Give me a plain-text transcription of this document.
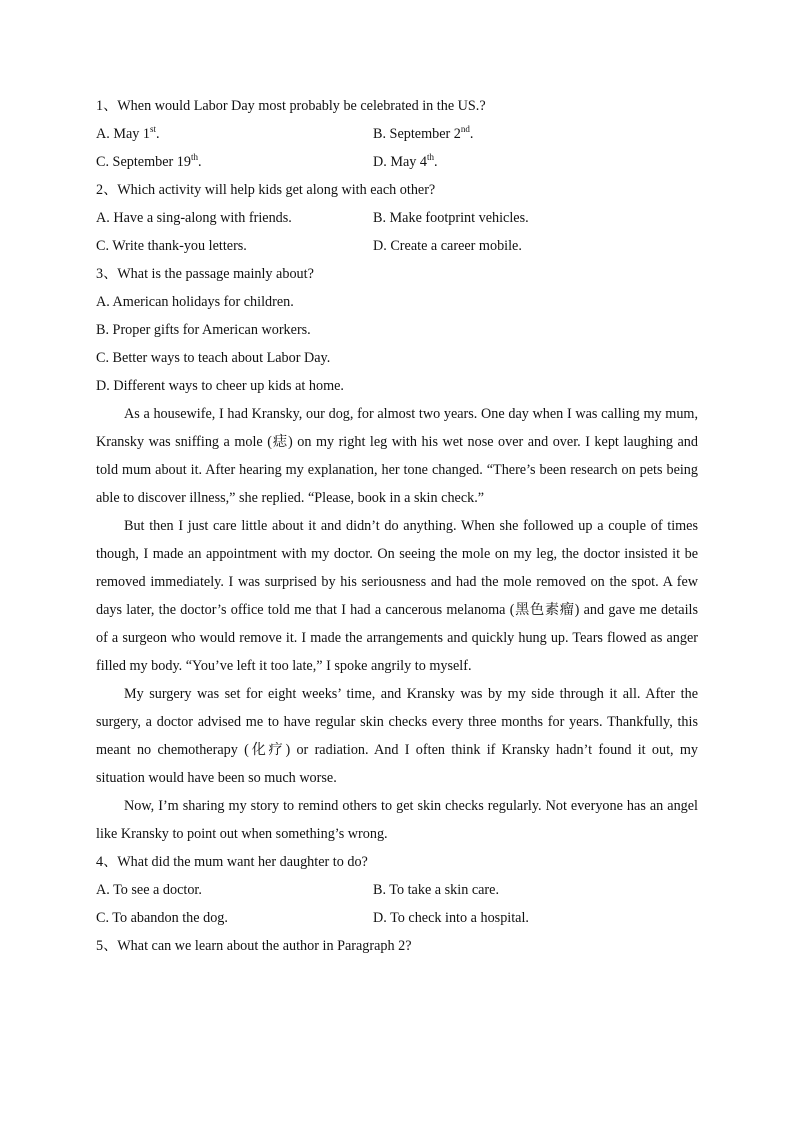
1、When would Labor Day most probably be celebrated in the US.?
A. May 1st.	B. September 2nd.
C. September 19th.	D. May 4th.
2、Which activity will help kids get along with each other?
A. Have a sing-along with friends.	B. Make footprint vehicles.
C. Write thank-you letters.	D. Create a career mobile.
3、What is the passage mainly about?
A. American holidays for children.
B. Proper gifts for American workers.
C. Better ways to teach about Labor Day.
D. Different ways to cheer up kids at home.

As a housewife, I had Kransky, our dog, for almost two years. One day when I was calling my mum, Kransky was sniffing a mole (痣) on my right leg with his wet nose over and over. I kept laughing and told mum about it. After hearing my explanation, her tone changed. “There’s been research on pets being able to discover illness,” she replied. “Please, book in a skin check.”

But then I just care little about it and didn’t do anything. When she followed up a couple of times though, I made an appointment with my doctor. On seeing the mole on my leg, the doctor insisted it be removed immediately. I was surprised by his seriousness and had the mole removed on the spot. A few days later, the doctor’s office told me that I had a cancerous melanoma (黑色素瘤) and gave me details of a surgeon who would remove it. I made the arrangements and quickly hung up. Tears flowed as anger filled my body. “You’ve left it too late,” I spoke angrily to myself.

My surgery was set for eight weeks’ time, and Kransky was by my side through it all. After the surgery, a doctor advised me to have regular skin checks every three months for years. Thankfully, this meant no chemotherapy (化疗) or radiation. And I often think if Kransky hadn’t found it out, my situation would have been so much worse.

Now, I’m sharing my story to remind others to get skin checks regularly. Not everyone has an angel like Kransky to point out when something’s wrong.

4、What did the mum want her daughter to do?
A. To see a doctor.	B. To take a skin care.
C. To abandon the dog.	D. To check into a hospital.
5、What can we learn about the author in Paragraph 2?
